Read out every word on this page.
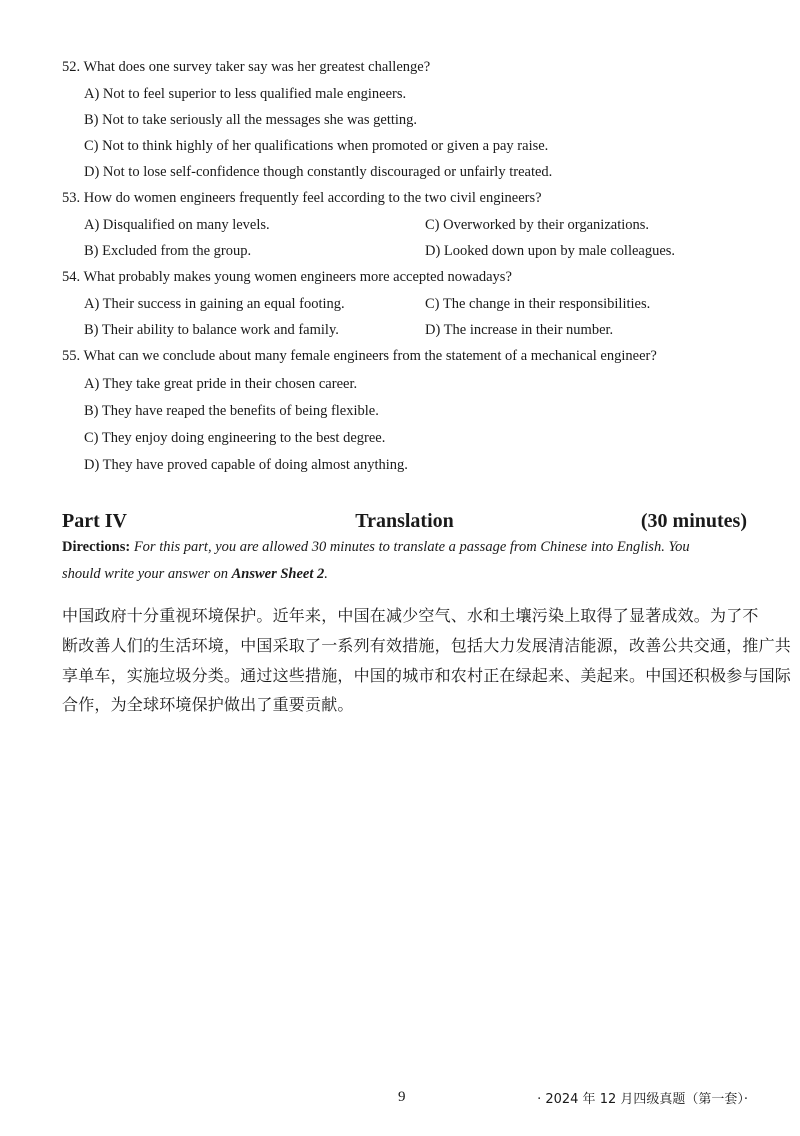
52. What does one survey taker say was her greatest challenge?
A) Not to feel superior to less qualified male engineers.
B) Not to take seriously all the messages she was getting.
C) Not to think highly of her qualifications when promoted or given a pay raise.
D) Not to lose self-confidence though constantly discouraged or unfairly treated.
53. How do women engineers frequently feel according to the two civil engineers?
A) Disqualified on many levels.	C) Overworked by their organizations.
B) Excluded from the group.	D) Looked down upon by male colleagues.
54. What probably makes young women engineers more accepted nowadays?
A) Their success in gaining an equal footing.	C) The change in their responsibilities.
B) Their ability to balance work and family.	D) The increase in their number.
55. What can we conclude about many female engineers from the statement of a mechanical engineer?
A) They take great pride in their chosen career.
B) They have reaped the benefits of being flexible.
C) They enjoy doing engineering to the best degree.
D) They have proved capable of doing almost anything.
Translation
Part IV	(30 minutes)
Directions: For this part, you are allowed 30 minutes to translate a passage from Chinese into English. You
should write your answer on Answer Sheet 2.
中国政府十分重视环境保护。近年来，中国在减少空气、水和土壤污染上取得了显著成效。为了不
断改善人们的生活环境，中国采取了一系列有效措施，包括大力发展清洁能源，改善公共交通，推广共
享单车，实施垃圾分类。通过这些措施，中国的城市和农村正在绿起来、美起来。中国还积极参与国际
合作，为全球环境保护做出了重要贡献。
9	· 2024 年 12 月四级真题（第一套）·
